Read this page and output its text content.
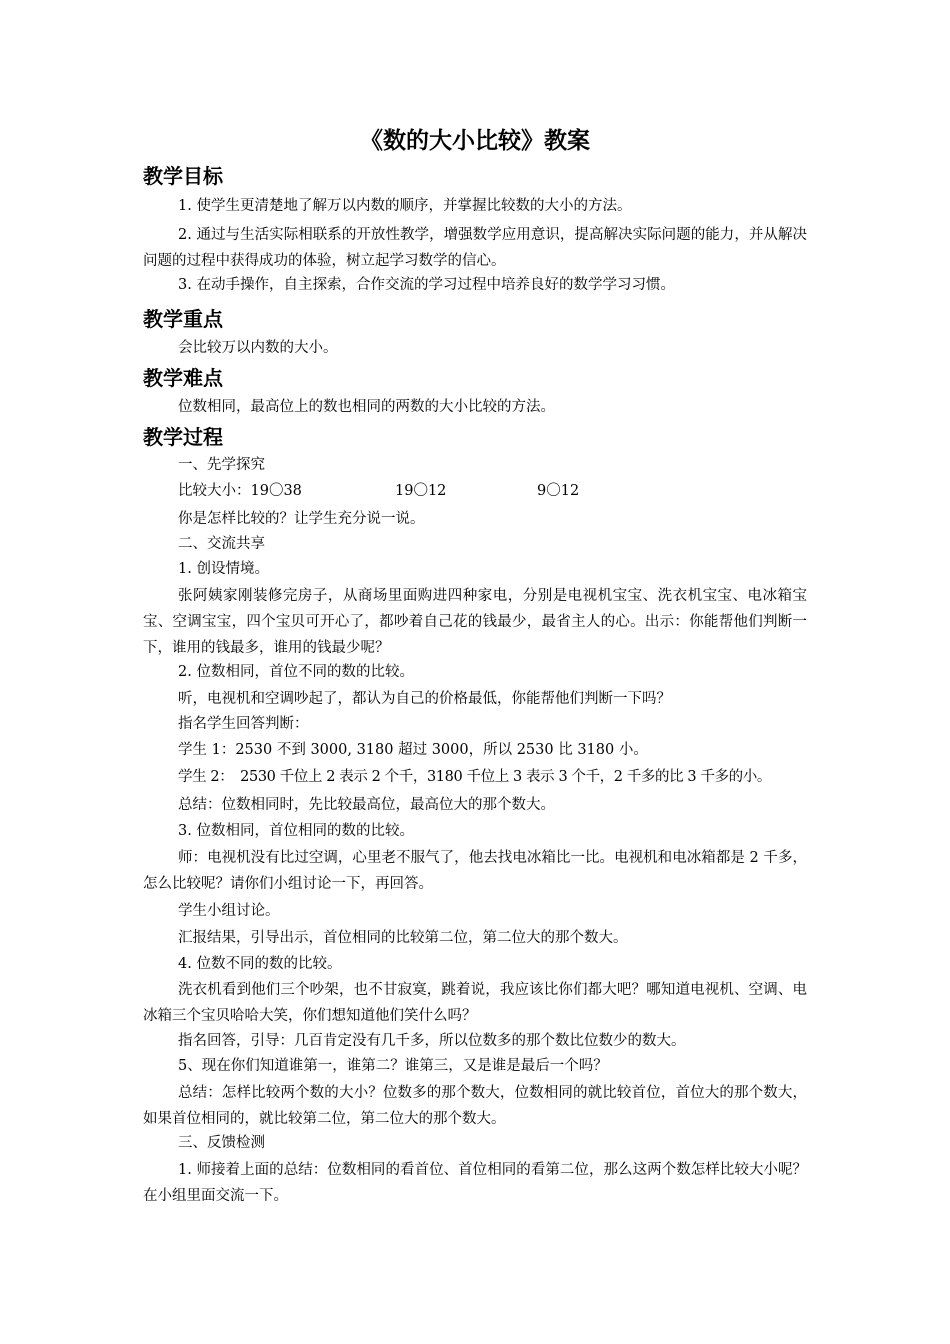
《数的大小比较》教案
教学目标
1. 使学生更清楚地了解万以内数的顺序，并掌握比较数的大小的方法。
2. 通过与生活实际相联系的开放性教学，增强数学应用意识，提高解决实际问题的能力，并从解决问题的过程中获得成功的体验，树立起学习数学的信心。
3. 在动手操作，自主探索，合作交流的学习过程中培养良好的数学学习习惯。
教学重点
会比较万以内数的大小。
教学难点
位数相同，最高位上的数也相同的两数的大小比较的方法。
教学过程
一、先学探究
比较大小：19〇38	19〇12	9〇12
你是怎样比较的？让学生充分说一说。
二、交流共享
1. 创设情境。
张阿姨家刚装修完房子，从商场里面购进四种家电，分别是电视机宝宝、洗衣机宝宝、电冰箱宝宝、空调宝宝，四个宝贝可开心了，都吵着自己花的钱最少，最省主人的心。出示：你能帮他们判断一下，谁用的钱最多，谁用的钱最少呢？
2. 位数相同，首位不同的数的比较。
听，电视机和空调吵起了，都认为自己的价格最低，你能帮他们判断一下吗？
指名学生回答判断：
学生 1：2530 不到 3000, 3180 超过 3000，所以 2530 比 3180 小。
学生 2：　2530 千位上 2 表示 2 个千，3180 千位上 3 表示 3 个千，2 千多的比 3 千多的小。
总结：位数相同时，先比较最高位，最高位大的那个数大。
3. 位数相同，首位相同的数的比较。
师：电视机没有比过空调，心里老不服气了，他去找电冰箱比一比。电视机和电冰箱都是 2 千多，怎么比较呢？请你们小组讨论一下，再回答。
学生小组讨论。
汇报结果，引导出示，首位相同的比较第二位，第二位大的那个数大。
4. 位数不同的数的比较。
洗衣机看到他们三个吵架，也不甘寂寞，跳着说，我应该比你们都大吧？哪知道电视机、空调、电冰箱三个宝贝哈哈大笑，你们想知道他们笑什么吗？
指名回答，引导：几百肯定没有几千多，所以位数多的那个数比位数少的数大。
5、现在你们知道谁第一，谁第二？谁第三，又是谁是最后一个吗？
总结：怎样比较两个数的大小？位数多的那个数大，位数相同的就比较首位，首位大的那个数大，如果首位相同的，就比较第二位，第二位大的那个数大。
三、反馈检测
1. 师接着上面的总结：位数相同的看首位、首位相同的看第二位，那么这两个数怎样比较大小呢？在小组里面交流一下。
